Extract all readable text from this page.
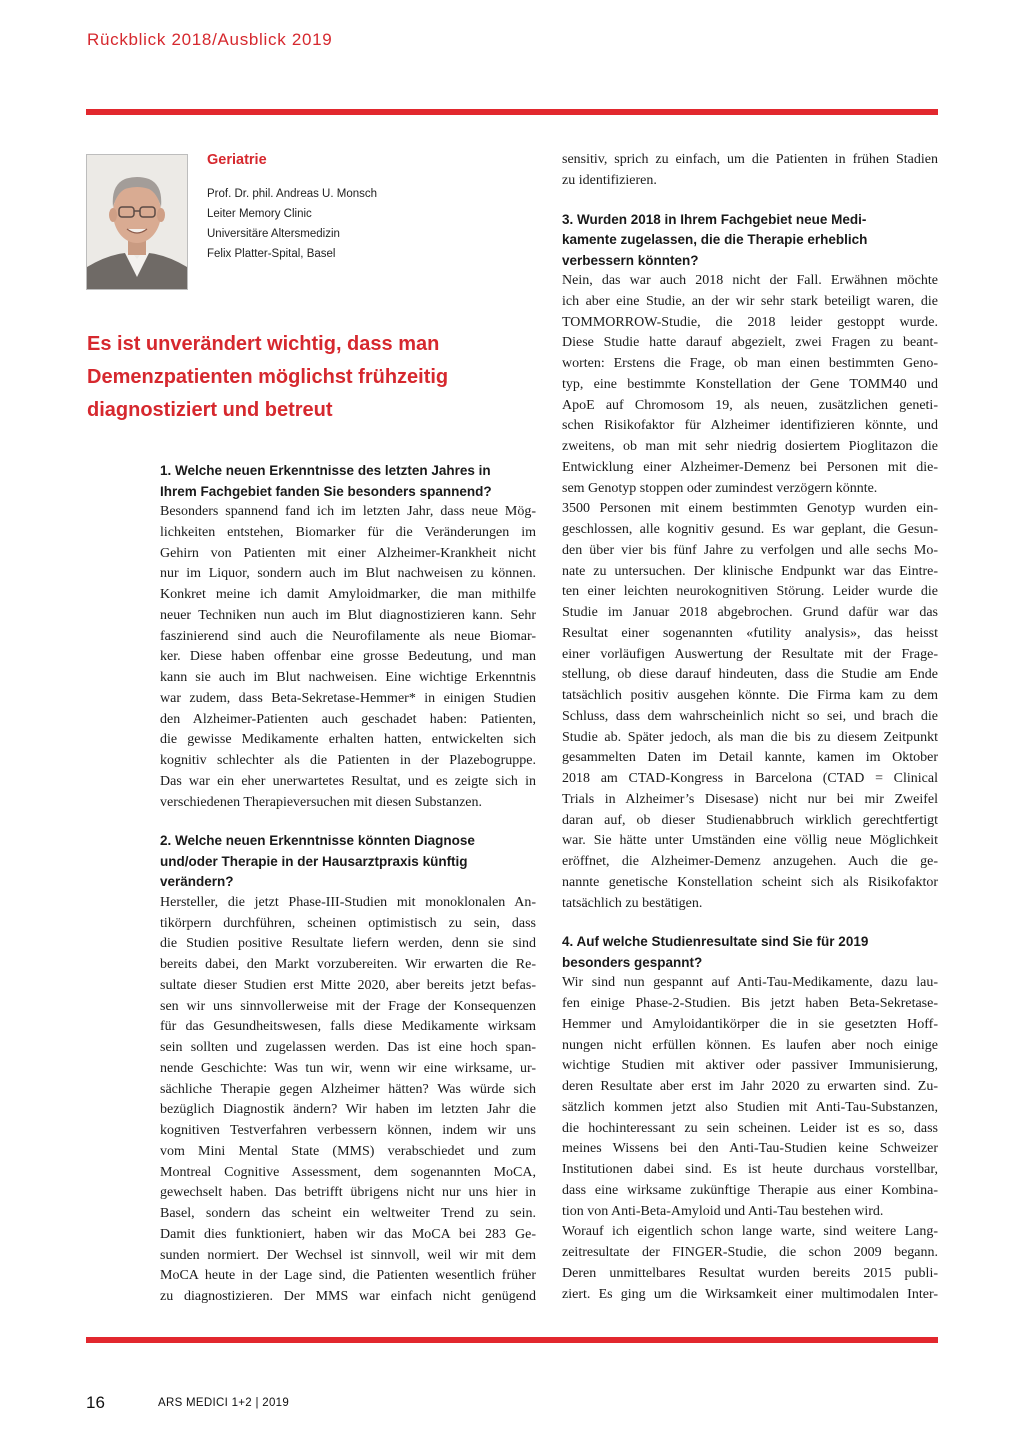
Rückblick 2018/Ausblick 2019
Geriatrie
Prof. Dr. phil. Andreas U. Monsch
Leiter Memory Clinic
Universitäre Altersmedizin
Felix Platter-Spital, Basel
Es ist unverändert wichtig, dass man
Demenzpatienten möglichst frühzeitig
diagnostiziert und betreut
1. Welche neuen Erkenntnisse des letzten Jahres in
Ihrem Fachgebiet fanden Sie besonders spannend?
Besonders spannend fand ich im letzten Jahr, dass neue Mög-
lichkeiten entstehen, Biomarker für die Veränderungen im
Gehirn von Patienten mit einer Alzheimer-Krankheit nicht
nur im Liquor, sondern auch im Blut nachweisen zu können.
Konkret meine ich damit Amyloidmarker, die man mithilfe
neuer Techniken nun auch im Blut diagnostizieren kann. Sehr
faszinierend sind auch die Neurofilamente als neue Biomar-
ker. Diese haben offenbar eine grosse Bedeutung, und man
kann sie auch im Blut nachweisen. Eine wichtige Erkenntnis
war zudem, dass Beta-Sekretase-Hemmer* in einigen Studien
den Alzheimer-Patienten auch geschadet haben: Patienten,
die gewisse Medikamente erhalten hatten, entwickelten sich
kognitiv schlechter als die Patienten in der Plazebogruppe.
Das war ein eher unerwartetes Resultat, und es zeigte sich in
verschiedenen Therapieversuchen mit diesen Substanzen.
2. Welche neuen Erkenntnisse könnten Diagnose
und/oder Therapie in der Hausarztpraxis künftig
verändern?
Hersteller, die jetzt Phase-III-Studien mit monoklonalen An-
tikörpern durchführen, scheinen optimistisch zu sein, dass
die Studien positive Resultate liefern werden, denn sie sind
bereits dabei, den Markt vorzubereiten. Wir erwarten die Re-
sultate dieser Studien erst Mitte 2020, aber bereits jetzt befas-
sen wir uns sinnvollerweise mit der Frage der Konsequenzen
für das Gesundheitswesen, falls diese Medikamente wirksam
sein sollten und zugelassen werden. Das ist eine hoch span-
nende Geschichte: Was tun wir, wenn wir eine wirksame, ur-
sächliche Therapie gegen Alzheimer hätten? Was würde sich
bezüglich Diagnostik ändern? Wir haben im letzten Jahr die
kognitiven Testverfahren verbessern können, indem wir uns
vom Mini Mental State (MMS) verabschiedet und zum
Montreal Cognitive Assessment, dem sogenannten MoCA,
gewechselt haben. Das betrifft übrigens nicht nur uns hier in
Basel, sondern das scheint ein weltweiter Trend zu sein.
Damit dies funktioniert, haben wir das MoCA bei 283 Ge-
sunden normiert. Der Wechsel ist sinnvoll, weil wir mit dem
MoCA heute in der Lage sind, die Patienten wesentlich früher
zu diagnostizieren. Der MMS war einfach nicht genügend
sensitiv, sprich zu einfach, um die Patienten in frühen Stadien
zu identifizieren.
3. Wurden 2018 in Ihrem Fachgebiet neue Medi-
kamente zugelassen, die die Therapie erheblich
verbessern könnten?
Nein, das war auch 2018 nicht der Fall. Erwähnen möchte
ich aber eine Studie, an der wir sehr stark beteiligt waren, die
TOMMORROW-Studie, die 2018 leider gestoppt wurde.
Diese Studie hatte darauf abgezielt, zwei Fragen zu beant-
worten: Erstens die Frage, ob man einen bestimmten Geno-
typ, eine bestimmte Konstellation der Gene TOMM40 und
ApoE auf Chromosom 19, als neuen, zusätzlichen geneti-
schen Risikofaktor für Alzheimer identifizieren könnte, und
zweitens, ob man mit sehr niedrig dosiertem Pioglitazon die
Entwicklung einer Alzheimer-Demenz bei Personen mit die-
sem Genotyp stoppen oder zumindest verzögern könnte.
3500 Personen mit einem bestimmten Genotyp wurden ein-
geschlossen, alle kognitiv gesund. Es war geplant, die Gesun-
den über vier bis fünf Jahre zu verfolgen und alle sechs Mo-
nate zu untersuchen. Der klinische Endpunkt war das Eintre-
ten einer leichten neurokognitiven Störung. Leider wurde die
Studie im Januar 2018 abgebrochen. Grund dafür war das
Resultat einer sogenannten «futility analysis», das heisst
einer vorläufigen Auswertung der Resultate mit der Frage-
stellung, ob diese darauf hindeuten, dass die Studie am Ende
tatsächlich positiv ausgehen könnte. Die Firma kam zu dem
Schluss, dass dem wahrscheinlich nicht so sei, und brach die
Studie ab. Später jedoch, als man die bis zu diesem Zeitpunkt
gesammelten Daten im Detail kannte, kamen im Oktober
2018 am CTAD-Kongress in Barcelona (CTAD = Clinical
Trials in Alzheimer’s Disesase) nicht nur bei mir Zweifel
daran auf, ob dieser Studienabbruch wirklich gerechtfertigt
war. Sie hätte unter Umständen eine völlig neue Möglichkeit
eröffnet, die Alzheimer-Demenz anzugehen. Auch die ge-
nannte genetische Konstellation scheint sich als Risikofaktor
tatsächlich zu bestätigen.
4. Auf welche Studienresultate sind Sie für 2019
besonders gespannt?
Wir sind nun gespannt auf Anti-Tau-Medikamente, dazu lau-
fen einige Phase-2-Studien. Bis jetzt haben Beta-Sekretase-
Hemmer und Amyloidantikörper die in sie gesetzten Hoff-
nungen nicht erfüllen können. Es laufen aber noch einige
wichtige Studien mit aktiver oder passiver Immunisierung,
deren Resultate aber erst im Jahr 2020 zu erwarten sind. Zu-
sätzlich kommen jetzt also Studien mit Anti-Tau-Substanzen,
die hochinteressant zu sein scheinen. Leider ist es so, dass
meines Wissens bei den Anti-Tau-Studien keine Schweizer
Institutionen dabei sind. Es ist heute durchaus vorstellbar,
dass eine wirksame zukünftige Therapie aus einer Kombina-
tion von Anti-Beta-Amyloid und Anti-Tau bestehen wird.
Worauf ich eigentlich schon lange warte, sind weitere Lang-
zeitresultate der FINGER-Studie, die schon 2009 begann.
Deren unmittelbares Resultat wurden bereits 2015 publi-
ziert. Es ging um die Wirksamkeit einer multimodalen Inter-
16	ARS MEDICI 1+2 | 2019
